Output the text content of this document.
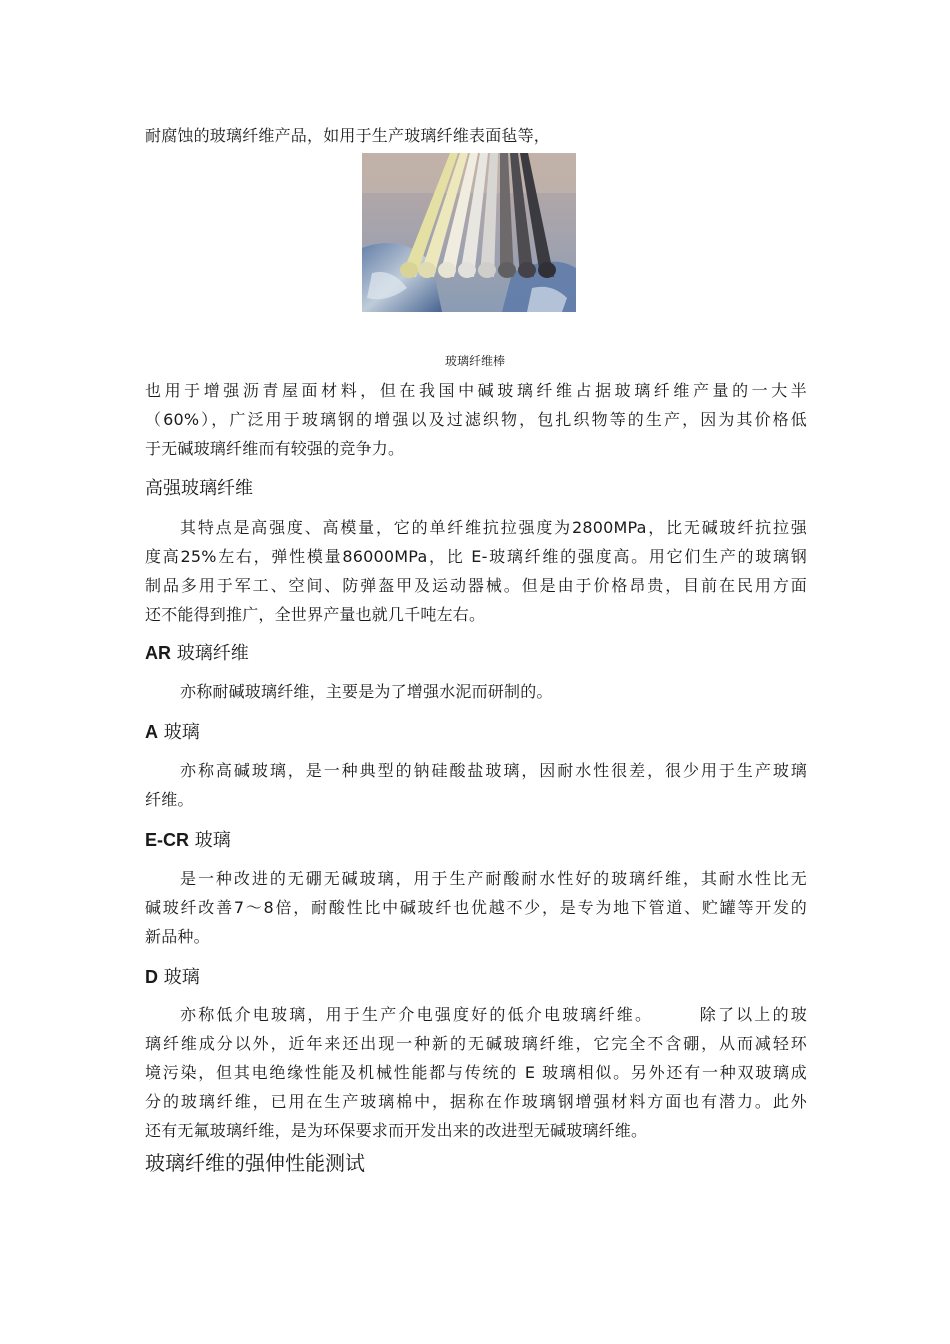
耐腐蚀的玻璃纤维产品，如用于生产玻璃纤维表面毡等，
玻璃纤维棒
也用于增强沥青屋面材料，但在我国中碱玻璃纤维占据玻璃纤维产量的一大半
（60%），广泛用于玻璃钢的增强以及过滤织物，包扎织物等的生产，因为其价格低
于无碱玻璃纤维而有较强的竞争力。
高强玻璃纤维
其特点是高强度、高模量，它的单纤维抗拉强度为2800MPa，比无碱玻纤抗拉强
度高25%左右，弹性模量86000MPa，比 E-玻璃纤维的强度高。用它们生产的玻璃钢
制品多用于军工、空间、防弹盔甲及运动器械。但是由于价格昂贵，目前在民用方面
还不能得到推广，全世界产量也就几千吨左右。
AR 玻璃纤维
亦称耐碱玻璃纤维，主要是为了增强水泥而研制的。
A 玻璃
亦称高碱玻璃，是一种典型的钠硅酸盐玻璃，因耐水性很差，很少用于生产玻璃
纤维。
E-CR 玻璃
是一种改进的无硼无碱玻璃，用于生产耐酸耐水性好的玻璃纤维，其耐水性比无
碱玻纤改善7～8倍，耐酸性比中碱玻纤也优越不少，是专为地下管道、贮罐等开发的
新品种。
D 玻璃
亦称低介电玻璃，用于生产介电强度好的低介电玻璃纤维。　　　除了以上的玻
璃纤维成分以外，近年来还出现一种新的无碱玻璃纤维，它完全不含硼，从而减轻环
境污染，但其电绝缘性能及机械性能都与传统的 E 玻璃相似。另外还有一种双玻璃成
分的玻璃纤维，已用在生产玻璃棉中，据称在作玻璃钢增强材料方面也有潜力。此外
还有无氟玻璃纤维，是为环保要求而开发出来的改进型无碱玻璃纤维。
玻璃纤维的强伸性能测试
